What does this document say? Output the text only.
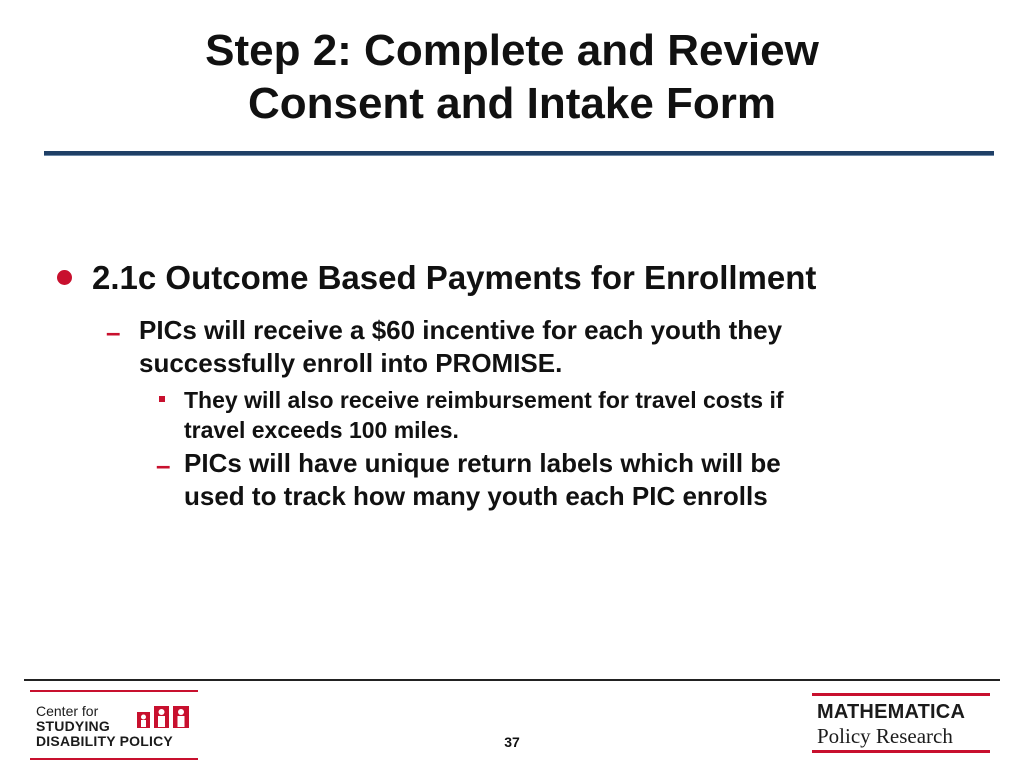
Step 2: Complete and Review
Consent and Intake Form
2.1c Outcome Based Payments for Enrollment
– PICs will receive a $60 incentive for each youth they
successfully enroll into PROMISE.
They will also receive reimbursement for travel costs if
travel exceeds 100 miles.
– PICs will have unique return labels which will be
used to track how many youth each PIC enrolls
Center for
STUDYING
DISABILITY POLICY	37
MATHEMATICA
Policy Research
